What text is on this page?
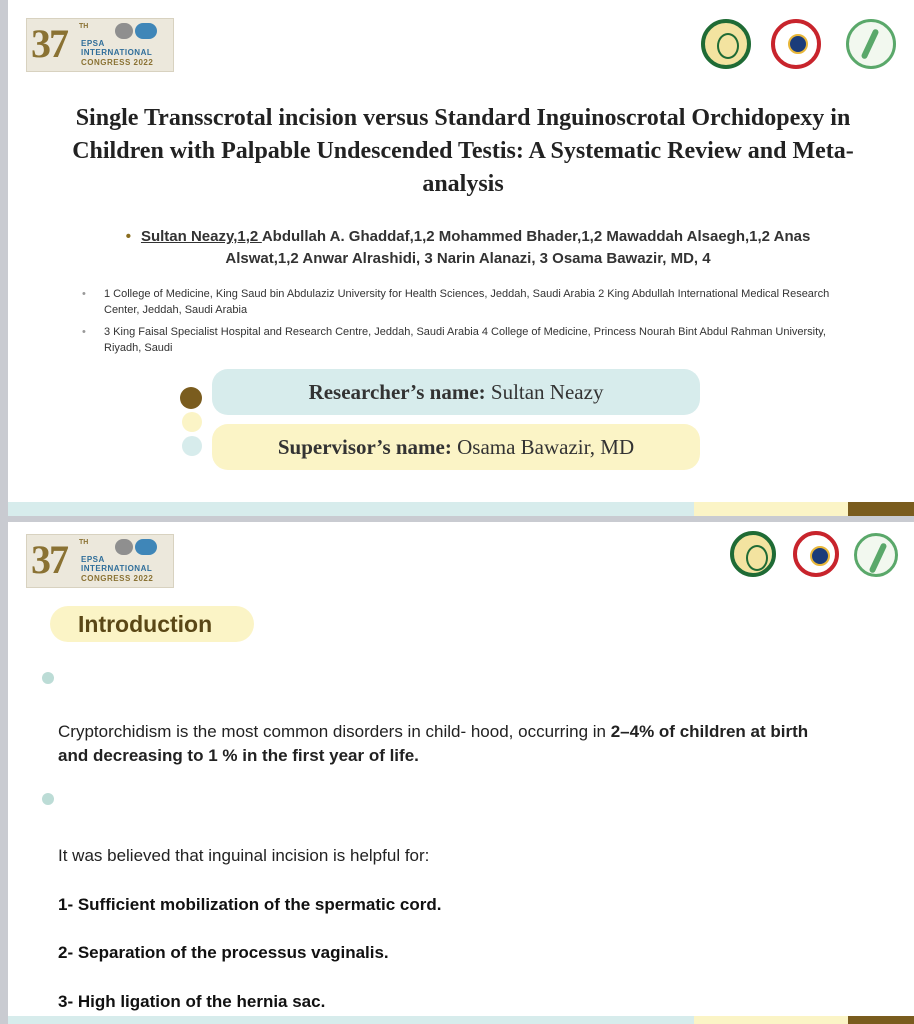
37 TH
EPSA
INTERNATIONAL
CONGRESS 2022
Single Transscrotal incision versus Standard Inguinoscrotal Orchidopexy in Children with Palpable Undescended Testis: A Systematic Review and Meta-analysis

• Sultan Neazy,1,2 Abdullah A. Ghaddaf,1,2 Mohammed Bhader,1,2 Mawaddah Alsaegh,1,2 Anas Alswat,1,2 Anwar Alrashidi, 3 Narin Alanazi, 3 Osama Bawazir, MD, 4

• 1 College of Medicine, King Saud bin Abdulaziz University for Health Sciences, Jeddah, Saudi Arabia 2 King Abdullah International Medical Research Center, Jeddah, Saudi Arabia

• 3 King Faisal Specialist Hospital and Research Centre, Jeddah, Saudi Arabia 4 College of Medicine, Princess Nourah Bint Abdul Rahman University, Riyadh, Saudi

Researcher’s name: Sultan Neazy
Supervisor’s name: Osama Bawazir, MD
37 TH
EPSA
INTERNATIONAL
CONGRESS 2022
Introduction

Cryptorchidism is the most common disorders in child- hood, occurring in 2–4% of children at birth and decreasing to 1 % in the first year of life.

It was believed that inguinal incision is helpful for:

1- Sufficient mobilization of the spermatic cord.

2- Separation of the processus vaginalis.

3- High ligation of the hernia sac.
